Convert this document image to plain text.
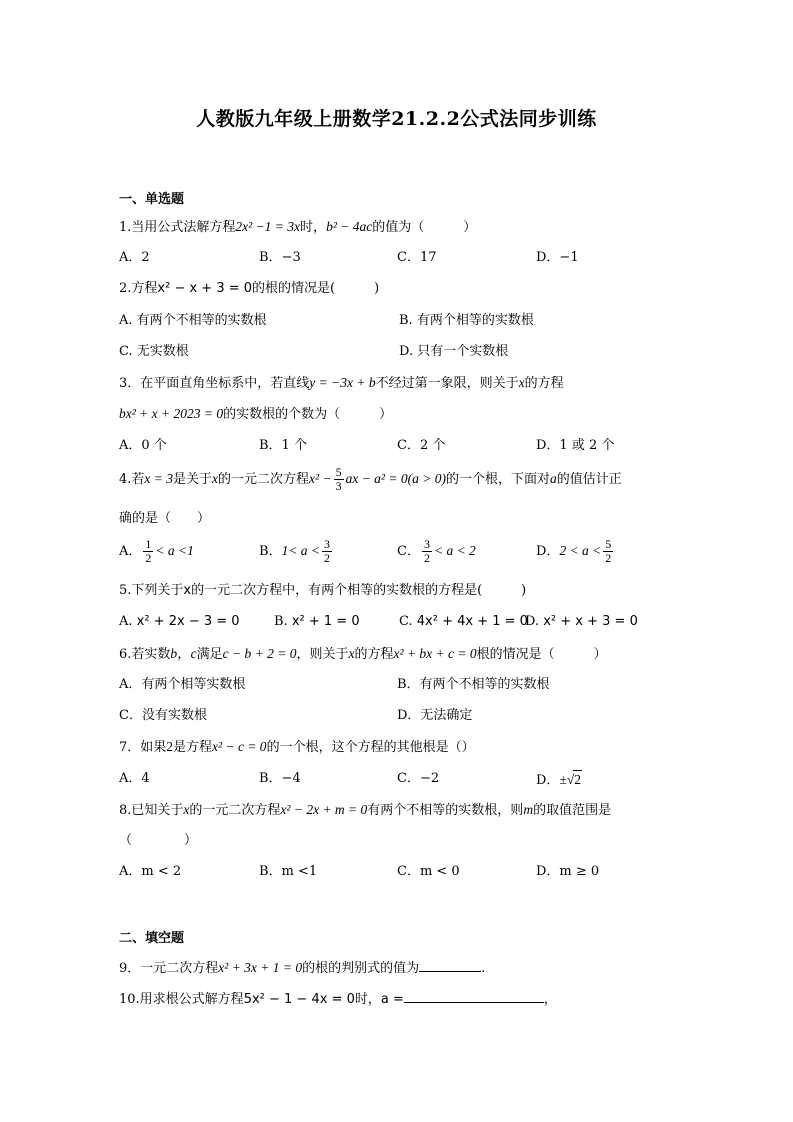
人教版九年级上册数学21.2.2公式法同步训练
一、单选题
1.当用公式法解方程2x² −1 = 3x时，b² − 4ac的值为（　　　）
A．2	B．−3	C．17	D．−1
2.方程x² − x + 3 = 0的根的情况是(　　　)
A. 有两个不相等的实数根	B. 有两个相等的实数根
C. 无实数根	D. 只有一个实数根
3．在平面直角坐标系中，若直线y = −3x + b不经过第一象限，则关于x的方程
bx² + x + 2023 = 0的实数根的个数为（　　　）
A．0 个	B．1 个	C．2 个	D．1 或 2 个
4.若x = 3是关于x的一元二次方程$x^2 - \frac{5}{3}$ ax − a² = 0(a > 0)的一个根，下面对a的值估计正
确的是（　　）
A． $\frac{1}{2} < a <1$	B．$1< a < \frac{3}{2}$	C． $\frac{3}{2} < a < 2$	D．$2 < a < \frac{5}{2}$
5.下列关于x的一元二次方程中，有两个相等的实数根的方程是(　　　)
A. x² + 2x − 3 = 0	B. x² + 1 = 0	C. 4x² + 4x + 1 = 0
D. x² + x + 3 = 0
6.若实数b，c满足c − b + 2 = 0，则关于x的方程x² + bx + c = 0根的情况是（　　　）
A．有两个相等实数根	B．有两个不相等的实数根
C．没有实数根	D．无法确定
7．如果2是方程x² − c = 0的一个根，这个方程的其他根是（）
A．4	B．−4	C．−2	D．±√2
8.已知关于x的一元二次方程x² − 2x + m = 0有两个不相等的实数根，则m的取值范围是
（　　　　）
A．m < 2	B．m <1	C．m < 0	D．m ≥ 0
二、填空题
9．一元二次方程x² + 3x + 1 = 0的根的判别式的值为	.
10.用求根公式解方程5x² − 1 − 4x = 0时，a =	，
